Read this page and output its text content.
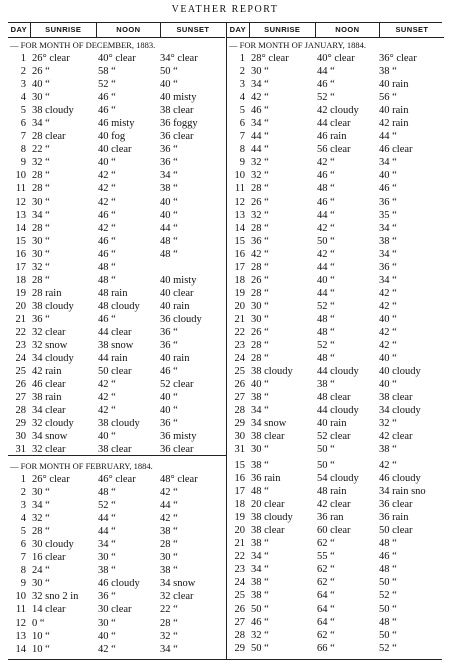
VEATHER REPORT
DAY	SUNRISE	NOON	SUNSET
— FOR MONTH OF DECEMBER, 1883.
1 26° clear	40° clear	34° clear
2 26 “	58 “	50 “
3 40 “	52 “	40 “
4 30 “	46 “	40 misty
5 38 cloudy	46 “	38 clear
6 34 “	46 misty	36 foggy
7 28 clear	40 fog	36 clear
8 22 “	40 clear	36 “
9 32 “	40 “	36 “
10 28 “	42 “	34 “
11 28 “	42 “	38 “
12 30 “	42 “	40 “
13 34 “	46 “	40 “
14 28 “	42 “	44 “
15 30 “	46 “	48 “
16 30 “	46 “	48 “
17 32 “	48 “
18 28 “	48 “	40 misty
19 28 rain	48 rain	40 clear
20 38 cloudy	48 cloudy	40 rain
21 36 “	46 “	36 cloudy
22 32 clear	44 clear	36 “
23 32 snow	38 snow	36 “
24 34 cloudy	44 rain	40 rain
25 42 rain	50 clear	46 “
26 46 clear	42 “	52 clear
27 38 rain	42 “	40 “
28 34 clear	42 “	40 “
29 32 cloudy	38 cloudy	36 “
30 34 snow	40 “	36 misty
31 32 clear	38 clear	36 clear
DAY	SUNRISE	NOON	SUNSET
— FOR MONTH OF JANUARY, 1884.
1 28° clear	40° clear	36° clear
2 30 “	44 “	38 “
3 34 “	46 “	40 rain
4 42 “	52 “	56 “
5 46 “	42 cloudy	40 rain
6 34 “	44 clear	42 rain
7 44 “	46 rain	44 “
8 44 “	56 clear	46 clear
9 32 “	42 “	34 “
10 32 “	46 “	40 “
11 28 “	48 “	46 “
12 26 “	46 “	36 “
13 32 “	44 “	35 “
14 28 “	42 “	34 “
15 36 “	50 “	38 “
16 42 “	42 “	34 “
17 28 “	44 “	36 “
18 26 “	40 “	34 “
19 28 “	44 “	42 “
20 30 “	52 “	42 “
21 30 “	48 “	40 “
22 26 “	48 “	42 “
23 28 “	52 “	42 “
24 28 “	48 “	40 “
25 38 cloudy	44 cloudy	40 cloudy
26 40 “	38 “	40 “
27 38 “	48 clear	38 clear
28 34 “	44 cloudy	34 cloudy
29 34 snow	40 rain	32 “
30 38 clear	52 clear	42 clear
31 30 “	50 “	38 “
— FOR MONTH OF FEBRUARY, 1884.
1 26° clear	46° clear	48° clear
2 30 “	48 “	42 “
3 34 “	52 “	44 “
4 32 “	44 “	42 “
5 28 “	44 “	38 “
6 30 cloudy	34 “	28 “
7 16 clear	30 “	30 “
8 24 “	38 “	38 “
9 30 “	46 cloudy	34 snow
10 32 sno 2 in	36 “	32 clear
11 14 clear	30 clear	22 “
12 0 “	30 “	28 “
13 10 “	40 “	32 “
14 10 “	42 “	34 “
15 38 “	50 “	42 “
16 36 rain	54 cloudy	46 cloudy
17 48 “	48 rain	34 rain sno
18 20 clear	42 clear	36 clear
19 38 cloudy	36 ran	36 rain
20 38 clear	60 clear	50 clear
21 38 “	62 “	48 “
22 34 “	55 “	46 “
23 34 “	62 “	48 “
24 38 “	62 “	50 “
25 38 “	64 “	52 “
26 50 “	64 “	50 “
27 46 “	64 “	48 “
28 32 “	62 “	50 “
29 50 “	66 “	52 “
